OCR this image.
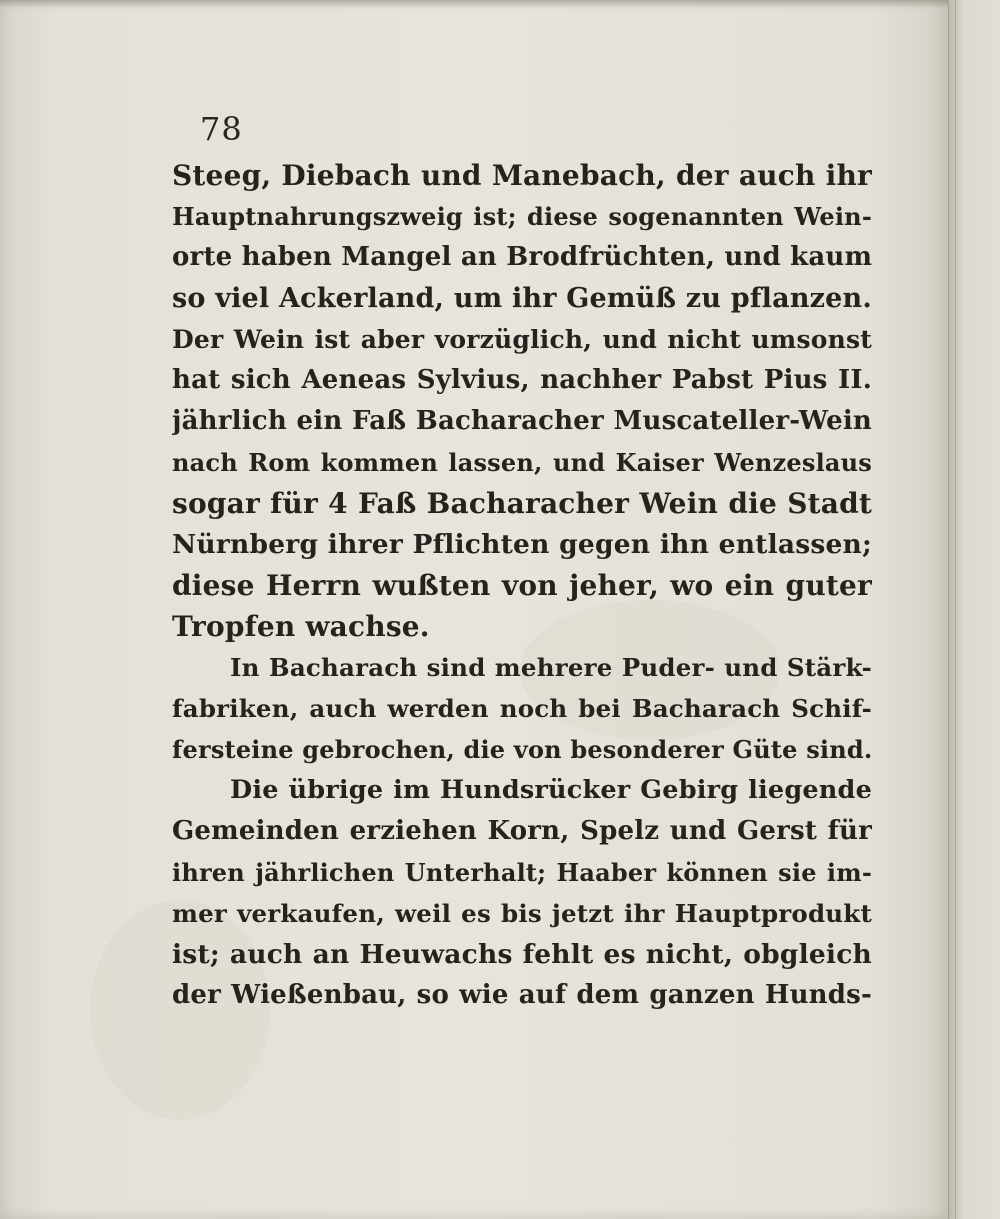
78
Steeg, Diebach und Manebach, der auch ihr
Hauptnahrungszweig ist; diese sogenannten Wein-
orte haben Mangel an Brodfrüchten, und kaum
so viel Ackerland, um ihr Gemüß zu pflanzen.
Der Wein ist aber vorzüglich, und nicht umsonst
hat sich Aeneas Sylvius, nachher Pabst Pius II.
jährlich ein Faß Bacharacher Muscateller-Wein
nach Rom kommen lassen, und Kaiser Wenzeslaus
sogar für 4 Faß Bacharacher Wein die Stadt
Nürnberg ihrer Pflichten gegen ihn entlassen;
diese Herrn wußten von jeher, wo ein guter
Tropfen wachse.
In Bacharach sind mehrere Puder- und Stärk-
fabriken, auch werden noch bei Bacharach Schif-
fersteine gebrochen, die von besonderer Güte sind.
Die übrige im Hundsrücker Gebirg liegende
Gemeinden erziehen Korn, Spelz und Gerst für
ihren jährlichen Unterhalt; Haaber können sie im-
mer verkaufen, weil es bis jetzt ihr Hauptprodukt
ist; auch an Heuwachs fehlt es nicht, obgleich
der Wießenbau, so wie auf dem ganzen Hunds-
